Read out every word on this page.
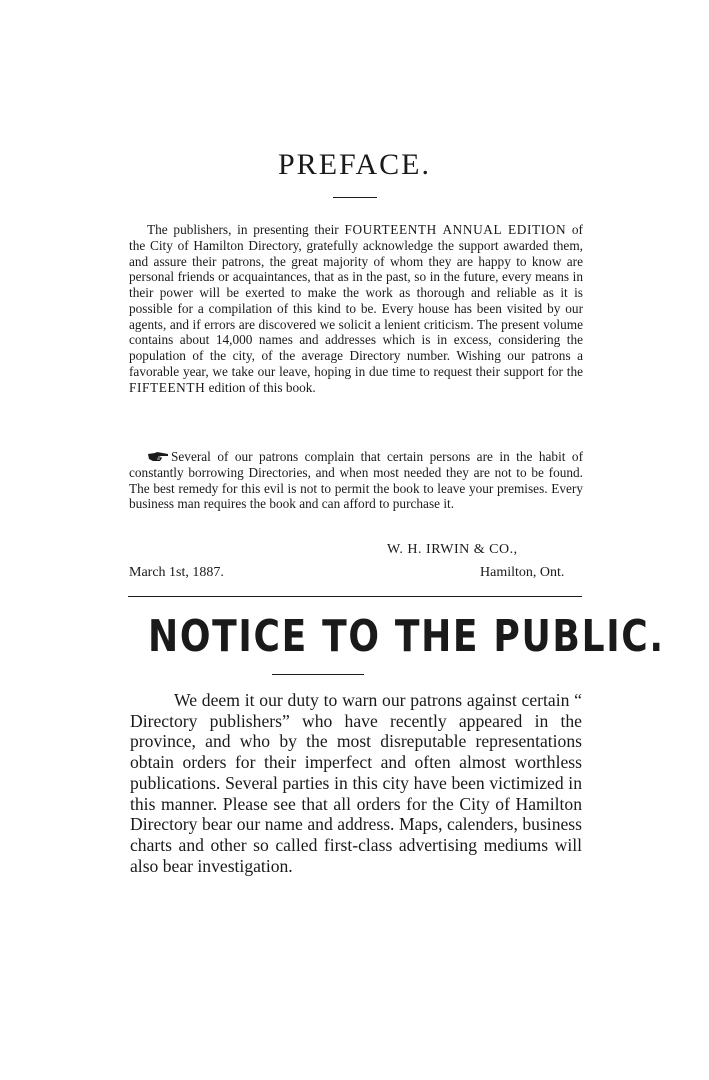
PREFACE.

The publishers, in presenting their FOURTEENTH ANNUAL EDITION of the City of Hamilton Directory, gratefully acknowledge the support awarded them, and assure their patrons, the great majority of whom they are happy to know are personal friends or acquaintances, that as in the past, so in the future, every means in their power will be exerted to make the work as thorough and reliable as it is possible for a compilation of this kind to be. Every house has been visited by our agents, and if errors are discovered we solicit a lenient criticism. The present volume contains about 14,000 names and addresses which is in excess, considering the population of the city, of the average Directory number. Wishing our patrons a favorable year, we take our leave, hoping in due time to request their support for the FIFTEENTH edition of this book.

Several of our patrons complain that certain persons are in the habit of constantly borrowing Directories, and when most needed they are not to be found. The best remedy for this evil is not to permit the book to leave your premises. Every business man requires the book and can afford to purchase it.

W. H. IRWIN & CO.,
March 1st, 1887.	Hamilton, Ont.
NOTICE TO THE PUBLIC.

We deem it our duty to warn our patrons against certain “ Directory publishers” who have recently appeared in the province, and who by the most disreputable representations obtain orders for their imperfect and often almost worthless publications. Several parties in this city have been victimized in this manner. Please see that all orders for the City of Hamilton Directory bear our name and address. Maps, calenders, business charts and other so called first-class advertising mediums will also bear investigation.
